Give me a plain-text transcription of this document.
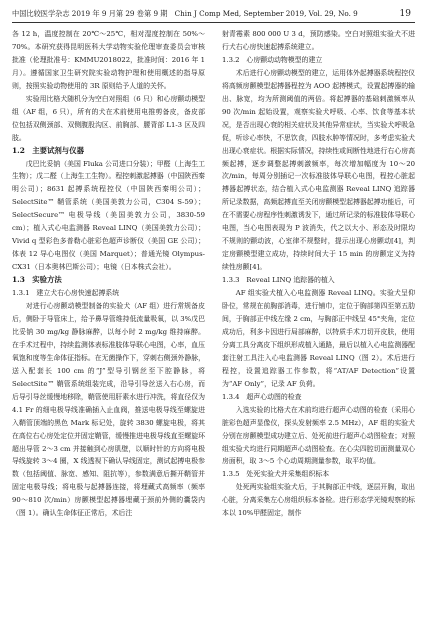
中国比较医学杂志 2019 年 9 月第 29 卷第 9 期　Chin J Comp Med, September 2019, Vol. 29, No. 9	19

各 12 h，温度控制在 20℃～25℃，相对湿度控制在 50%～70%。本研究获得昆明医科大学动物实验伦理审查委员会审核批准（伦理批准号：KMMU2018022，批准时间：2016 年 1 月）。遵循国家卫生研究院实验动物护理和使用概述的指导原则，按照实验动物使用的 3R 原则给予人道的关怀。

实验用比格犬随机分为空白对照组（6 只）和心房颤动模型组（AF 组，6 只），所有的犬在术前使用电推剪备皮，备皮部位包括双侧颈部、双侧腹股沟区、前胸部、腰背部 L1-3 区及四肢。

1.2　主要试剂与仪器

戊巴比妥钠（美国 Fluka 公司进口分装）；甲醛（上海生工生物）；戊二醛（上海生工生物）。程控刺激起搏器（中国陕西秦明公司）；8631 起搏系统程控仪（中国陕西秦明公司）；SelectSite™ 鞘管系统（美国美敦力公司，C304 S-59）；SelectSecure™ 电极导线（美国美敦力公司，3830-59 cm）；植入式心电监测器 Reveal LINQ（美国美敦力公司）；Vivid q 型彩色多普勒心脏彩色超声诊断仪（美国 GE 公司）；体表 12 导心电图仪（美国 Marquet）；普通光镜 Olympus-CX31（日本奥林巴斯公司）；电镜（日本株式会社）。

1.3　实验方法
1.3.1　建立犬右心房快速起搏系统

对进行心房颤动模型制备的实验犬（AF 组）进行常规备皮后，侧卧于导管床上，给予鼻导管维持低流量吸氧，以 3%戊巴比妥钠 30 mg/kg 静脉麻醉，以每小时 2 mg/kg 维持麻醉。在手术过程中，持续监测体表标准肢体导联心电图，心率，血压氧饱和度等生命体征指标。在无菌操作下，穿刺右侧颈外静脉，送入配套长 100 cm 的“J”型导引钢丝至下腔静脉，将 SelectSite™ 鞘管系统组装完成，沿导引导丝送入右心房，而后导引导丝缓慢地移除，鞘管使用肝素水进行冲洗，将直径仅为 4.1 Fr 的细电极导线准确插入止血阀，推送电极导线至螺旋进入鞘管顶端的黑色 Mark 标记处，旋转 3830 螺旋电极，将其在高位右心房处定位并固定鞘管，缓慢推进电极导线直至螺旋环超出导管 2～3 cm 并接触到心房肌壁，以顺时针的方向将电极导线旋转 3～4 圈，X 线透视下确认导线固定，测试起搏电极参数（包括阈值、脉宽、感知、阻抗等），参数满意后撕开鞘管并固定电极导线；将电极与起搏器连接，将埋藏式高频率（频率 90～810 次/min）房颤模型起搏器埋藏于颈前外侧的囊袋内（图 1）。确认生命体征正常后，术后注

射青霉素 800 000 U 3 d，预防感染。空白对照组实验犬不进行犬右心房快速起搏系统建立。

1.3.2　心房颤动动物模型的建立

术后进行心房颤动模型的建立，运用体外起搏器系统程控仪将高频房颤模型起搏器程控为 AOO 起搏模式，设置起搏器的输出、脉宽，均为所测阈值的两倍。将起搏器的基础刺激频率从 90 次/min 起始设置，观察实验犬呼吸、心率、饮食等基本状况，是否出现心衰的相关症状及其他异常症状，当实验犬呼吸急促，听诊心率快，不思饮食，四肢水肿等情况时，多考虑实验犬出现心衰症状。根据实际情况，持续性或间断性地进行右心房高频起搏，逐步调整起搏刺激频率，每次增加幅度为 10～20 次/min，每周分别插记一次标准肢体导联心电图，程控心脏起搏器起搏状态，结合植入式心电监测器 Reveal LINQ 追踪器所记录数据，高频起搏直至关闭房颤模型起搏器起搏功能后，可在不需要心房程序性刺激诱发下，通过所记录的标准肢体导联心电图，当心电图表现为 P 波消失，代之以大小、形态及时限均不规则的颤动波，心室律不规整时，提示出现心房颤动[4]，判定房颤模型建立成功，持续时间大于 15 min 的房颤定义为持续性房颤[4]。

1.3.3　Reveal LINQ 追踪器的植入

AF 组实验犬植入心电监测器 Reveal LINQ。实验犬呈仰卧位，常规在前胸部消毒，进行铺巾，定位于胸部第四至第五肋间，于胸部正中线左缘 2 cm，与胸部正中线呈 45°夹角，定位成功后，利多卡因进行局部麻醉，以特质手术刀切开皮肤，使用分离工具分离皮下组织形成植入通路，最后以植入心电监测器配套注射工具注入心电监测器 Reveal LINQ（图 2）。术后进行程控，设置追踪器工作参数，将“AT/AF Detection”设置为“AF Only”，记录 AF 负荷。

1.3.4　超声心动图的检查

入选实验的比格犬在术前均进行超声心动图的检查（采用心脏彩色超声显像仪，探头发射频率 2.5 MHz），AF 组的实验犬分别在房颤模型成功建立后、处死前进行超声心动图检查；对照组实验犬均进行同期超声心动图检查。在心尖四腔切面测量双心房面积，取 3～5 个心动周期测量参数，取平均值。

1.3.5　处死实验犬并采集组织标本

处死两实验组实验犬后，于其胸部正中线，逐层开胸，取出心脏，分离采集左心房组织标本备检。进行形态学光镜观察的标本以 10%甲醛固定，制作
